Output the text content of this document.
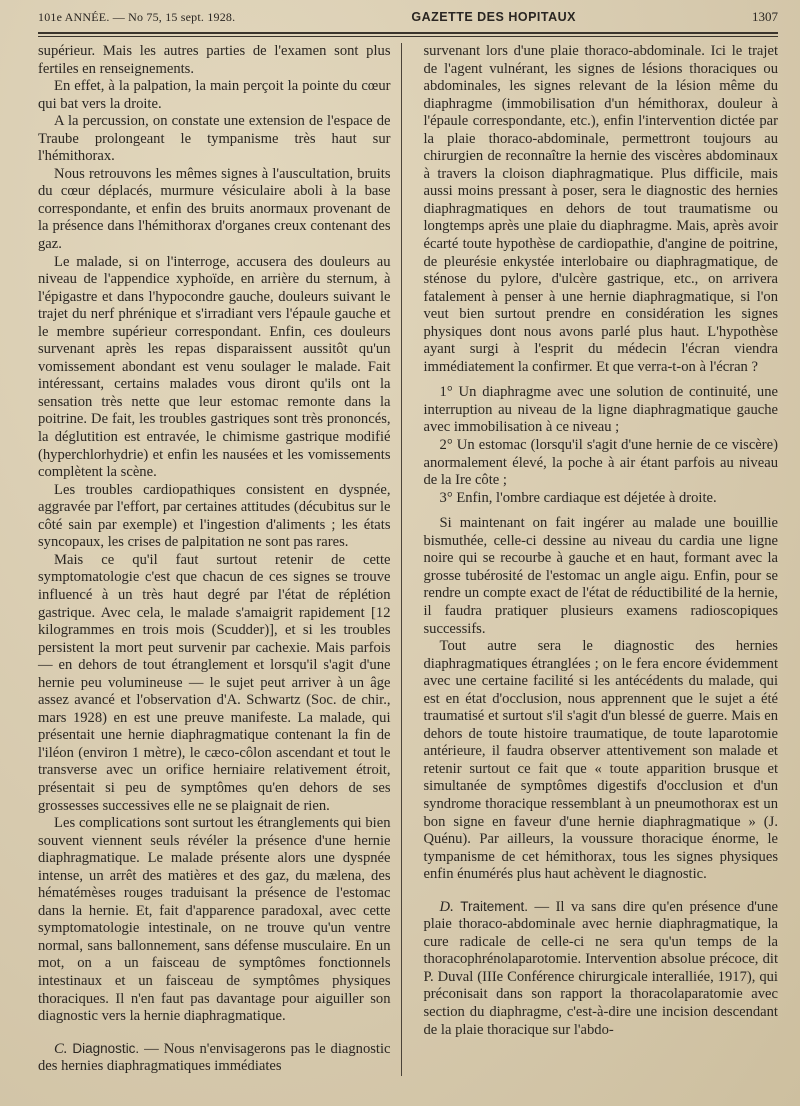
101e ANNÉE. — No 75, 15 sept. 1928.	GAZETTE DES HOPITAUX	1307

supérieur. Mais les autres parties de l'examen sont plus fertiles en renseignements.

En effet, à la palpation, la main perçoit la pointe du cœur qui bat vers la droite.

A la percussion, on constate une extension de l'espace de Traube prolongeant le tympanisme très haut sur l'hémithorax.

Nous retrouvons les mêmes signes à l'auscultation, bruits du cœur déplacés, murmure vésiculaire aboli à la base correspondante, et enfin des bruits anormaux provenant de la présence dans l'hémithorax d'organes creux contenant des gaz.

Le malade, si on l'interroge, accusera des douleurs au niveau de l'appendice xyphoïde, en arrière du sternum, à l'épigastre et dans l'hypocondre gauche, douleurs suivant le trajet du nerf phrénique et s'irradiant vers l'épaule gauche et le membre supérieur correspondant. Enfin, ces douleurs survenant après les repas disparaissent aussitôt qu'un vomissement abondant est venu soulager le malade. Fait intéressant, certains malades vous diront qu'ils ont la sensation très nette que leur estomac remonte dans la poitrine. De fait, les troubles gastriques sont très prononcés, la déglutition est entravée, le chimisme gastrique modifié (hyperchlorhydrie) et enfin les nausées et les vomissements complètent la scène.

Les troubles cardiopathiques consistent en dyspnée, aggravée par l'effort, par certaines attitudes (décubitus sur le côté sain par exemple) et l'ingestion d'aliments ; les états syncopaux, les crises de palpitation ne sont pas rares.

Mais ce qu'il faut surtout retenir de cette symptomatologie c'est que chacun de ces signes se trouve influencé à un très haut degré par l'état de réplétion gastrique. Avec cela, le malade s'amaigrit rapidement [12 kilogrammes en trois mois (Scudder)], et si les troubles persistent la mort peut survenir par cachexie. Mais parfois — en dehors de tout étranglement et lorsqu'il s'agit d'une hernie peu volumineuse — le sujet peut arriver à un âge assez avancé et l'observation d'A. Schwartz (Soc. de chir., mars 1928) en est une preuve manifeste. La malade, qui présentait une hernie diaphragmatique contenant la fin de l'iléon (environ 1 mètre), le cæco-côlon ascendant et tout le transverse avec un orifice herniaire relativement étroit, présentait si peu de symptômes qu'en dehors de ses grossesses successives elle ne se plaignait de rien.

Les complications sont surtout les étranglements qui bien souvent viennent seuls révéler la présence d'une hernie diaphragmatique. Le malade présente alors une dyspnée intense, un arrêt des matières et des gaz, du mælena, des hématémèses rouges traduisant la présence de l'estomac dans la hernie. Et, fait d'apparence paradoxal, avec cette symptomatologie intestinale, on ne trouve qu'un ventre normal, sans ballonnement, sans défense musculaire. En un mot, on a un faisceau de symptômes fonctionnels intestinaux et un faisceau de symptômes physiques thoraciques. Il n'en faut pas davantage pour aiguiller son diagnostic vers la hernie diaphragmatique.

C. Diagnostic. — Nous n'envisagerons pas le diagnostic des hernies diaphragmatiques immédiates

survenant lors d'une plaie thoraco-abdominale. Ici le trajet de l'agent vulnérant, les signes de lésions thoraciques ou abdominales, les signes relevant de la lésion même du diaphragme (immobilisation d'un hémithorax, douleur à l'épaule correspondante, etc.), enfin l'intervention dictée par la plaie thoraco-abdominale, permettront toujours au chirurgien de reconnaître la hernie des viscères abdominaux à travers la cloison diaphragmatique. Plus difficile, mais aussi moins pressant à poser, sera le diagnostic des hernies diaphragmatiques en dehors de tout traumatisme ou longtemps après une plaie du diaphragme. Mais, après avoir écarté toute hypothèse de cardiopathie, d'angine de poitrine, de pleurésie enkystée interlobaire ou diaphragmatique, de sténose du pylore, d'ulcère gastrique, etc., on arrivera fatalement à penser à une hernie diaphragmatique, si l'on veut bien surtout prendre en considération les signes physiques dont nous avons parlé plus haut. L'hypothèse ayant surgi à l'esprit du médecin l'écran viendra immédiatement la confirmer. Et que verra-t-on à l'écran ?

1° Un diaphragme avec une solution de continuité, une interruption au niveau de la ligne diaphragmatique gauche avec immobilisation à ce niveau ;

2° Un estomac (lorsqu'il s'agit d'une hernie de ce viscère) anormalement élevé, la poche à air étant parfois au niveau de la Ire côte ;

3° Enfin, l'ombre cardiaque est déjetée à droite.

Si maintenant on fait ingérer au malade une bouillie bismuthée, celle-ci dessine au niveau du cardia une ligne noire qui se recourbe à gauche et en haut, formant avec la grosse tubérosité de l'estomac un angle aigu. Enfin, pour se rendre un compte exact de l'état de réductibilité de la hernie, il faudra pratiquer plusieurs examens radioscopiques successifs.

Tout autre sera le diagnostic des hernies diaphragmatiques étranglées ; on le fera encore évidemment avec une certaine facilité si les antécédents du malade, qui est en état d'occlusion, nous apprennent que le sujet a été traumatisé et surtout s'il s'agit d'un blessé de guerre. Mais en dehors de toute histoire traumatique, de toute laparotomie antérieure, il faudra observer attentivement son malade et retenir surtout ce fait que « toute apparition brusque et simultanée de symptômes digestifs d'occlusion et d'un syndrome thoracique ressemblant à un pneumothorax est un bon signe en faveur d'une hernie diaphragmatique » (J. Quénu). Par ailleurs, la voussure thoracique énorme, le tympanisme de cet hémithorax, tous les signes physiques enfin énumérés plus haut achèvent le diagnostic.

D. Traitement. — Il va sans dire qu'en présence d'une plaie thoraco-abdominale avec hernie diaphragmatique, la cure radicale de celle-ci ne sera qu'un temps de la thoracophrénolaparotomie. Intervention absolue précoce, dit P. Duval (IIIe Conférence chirurgicale interalliée, 1917), qui préconisait dans son rapport la thoracolaparatomie avec section du diaphragme, c'est-à-dire une incision descendant de la plaie thoracique sur l'abdo-
